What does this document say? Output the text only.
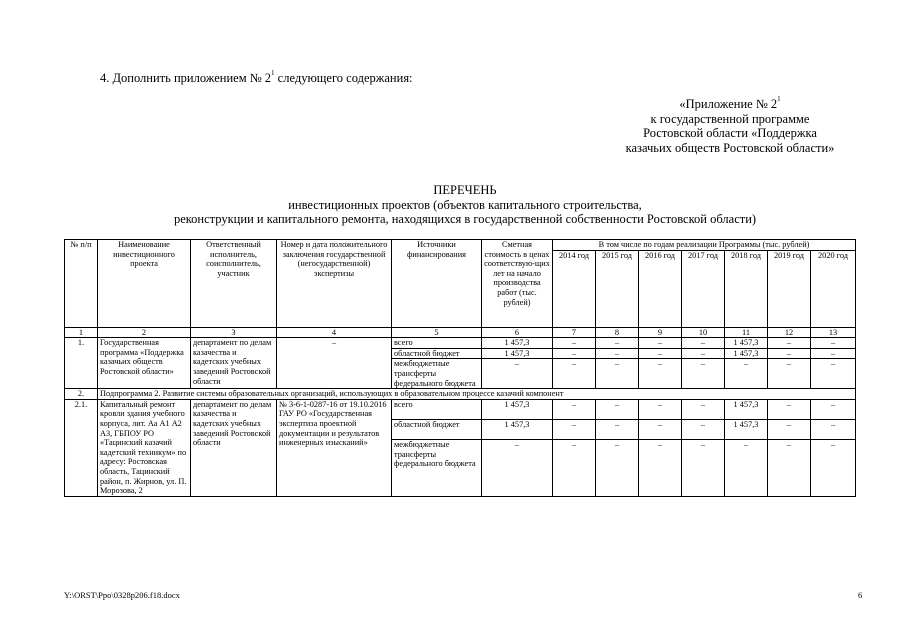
4. Дополнить приложением № $2^1$ следующего содержания:
«Приложение № $2^1$
к государственной программе
Ростовской области «Поддержка
казачьих обществ Ростовской области»
ПЕРЕЧЕНЬ
инвестиционных проектов (объектов капитального строительства,
реконструкции и капитального ремонта, находящихся в государственной собственности Ростовской области)
№ п/п	Наименование инвестиционного проекта	Ответственный исполнитель, соисполнитель, участник	Номер и дата положительного заключения государственной (негосударственной) экспертизы	Источники финансирования	Сметная стоимость в ценах соответствую-щих лет на начало производства работ (тыс. рублей)	В том числе по годам реализации Программы (тыс. рублей)						
						2014 год	2015 год	2016 год	2017 год	2018 год	2019 год	2020 год
1	2	3	4	5	6	7	8	9	10	11	12	13
1.	Государственная программа «Поддержка казачьих обществ Ростовской области»	департамент по делам казачества и кадетских учебных заведений Ростовской области	–	всего	1 457,3	–	–	–	–	1 457,3	–	–
				областной бюджет	1 457,3	–	–	–	–	1 457,3	–	–
				межбюджетные трансферты федерального бюджета	–	–	–	–	–	–	–	–
2.	Подпрограмма 2. Развитие системы образовательных организаций, использующих в образовательном процессе казачий компонент											
2.1.	Капитальный ремонт кровли здания учебного корпуса, лит. Аа А1 А2 А3, ГБПОУ РО «Тацинский казачий кадетский техникум» по адресу: Ростовская область, Тацинский район, п. Жирнов, ул. П. Морозова, 2	департамент по делам казачества и кадетских учебных заведений Ростовской области	№ 3-6-1-0287-16 от 19.10.2016 ГАУ РО «Государственная экспертиза проектной документации и результатов инженерных изысканий»	всего	1 457,3	–	–	–	–	1 457,3	–	–
				областной бюджет	1 457,3	–	–	–	–	1 457,3	–	–
				межбюджетные трансферты федерального бюджета	–	–	–	–	–	–	–	–
Y:\ORST\Ppo\0328p206.f18.docx	6
